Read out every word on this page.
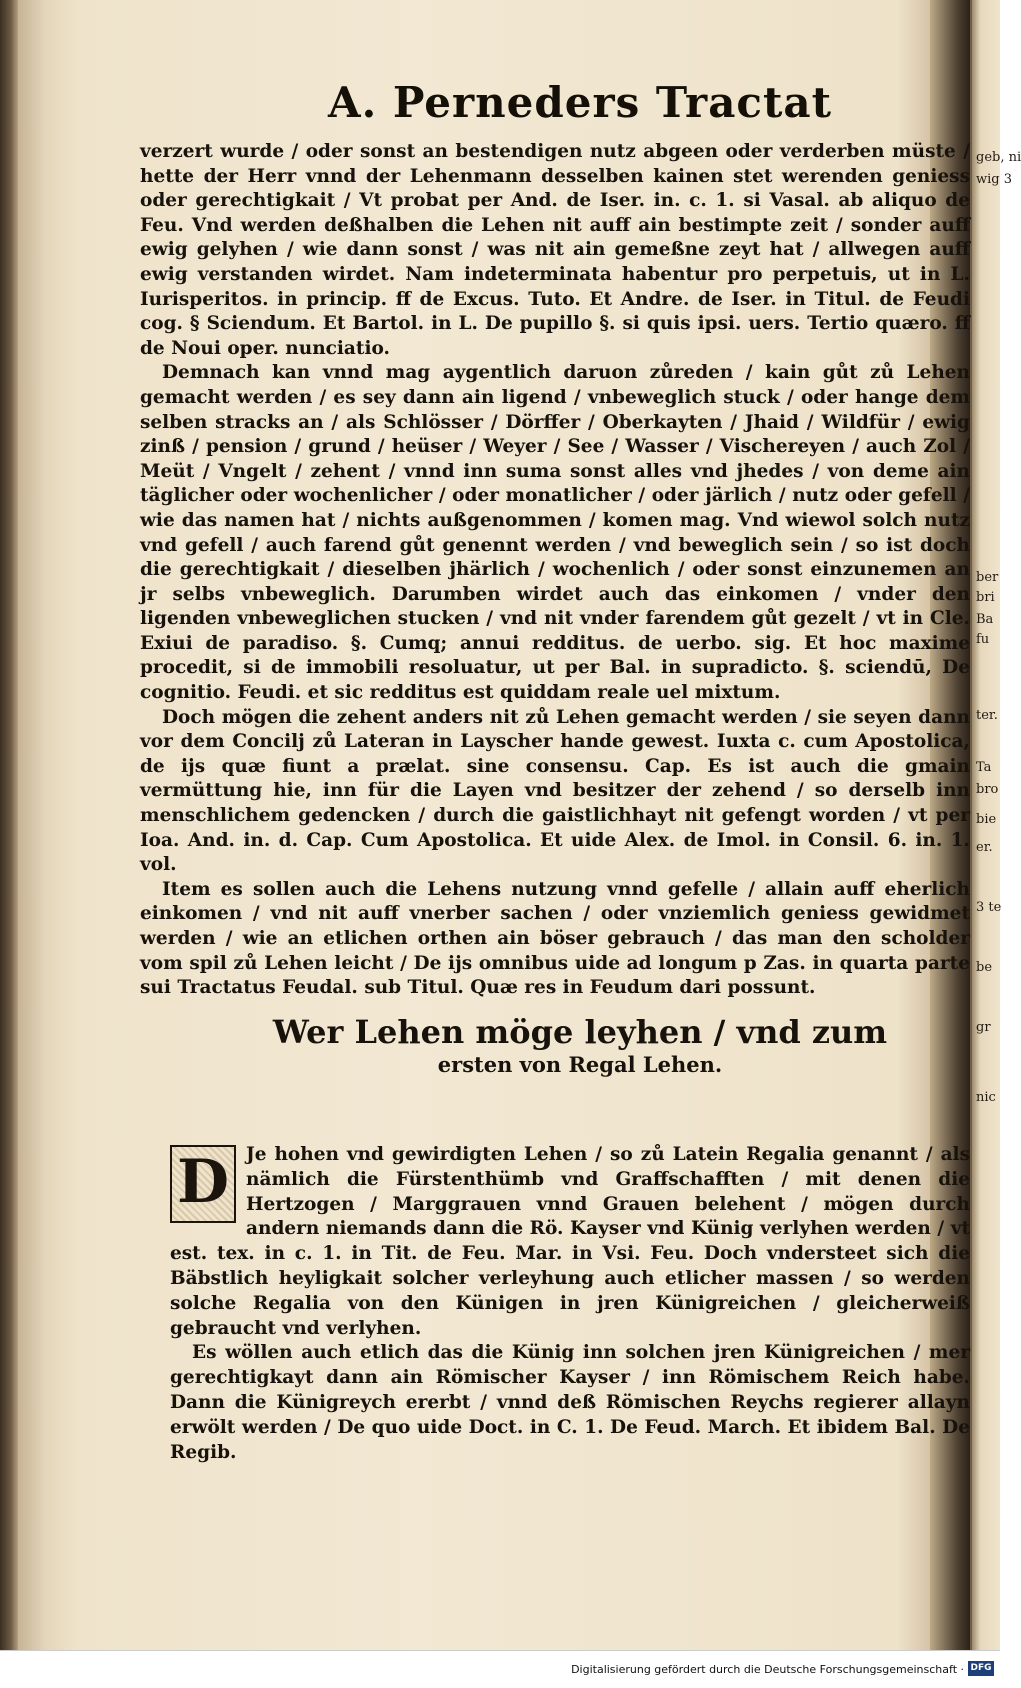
geb, ni
wig 3
ber
bri
Ba
fu
ter.
Ta
bro
bie
er.
3 te
be
gr
nic
A. Perneders Tractat

verzert wurde / oder sonst an bestendigen nutz abgeen oder verderben müste / hette der Herr vnnd der Lehenmann desselben kainen stet werenden geniess oder gerechtigkait / Vt probat per And. de Iser. in. c. 1. si Vasal. ab aliquo de Feu. Vnd werden deßhalben die Lehen nit auff ain bestimpte zeit / sonder auff ewig gelyhen / wie dann sonst / was nit ain gemeßne zeyt hat / allwegen auff ewig verstanden wirdet. Nam indeterminata habentur pro perpetuis, ut in L. Iurisperitos. in princip. ff de Excus. Tuto. Et Andre. de Iser. in Titul. de Feudi cog. § Sciendum. Et Bartol. in L. De pupillo §. si quis ipsi. uers. Tertio quæro. ff de Noui oper. nunciatio.

Demnach kan vnnd mag aygentlich daruon zůreden / kain gůt zů Lehen gemacht werden / es sey dann ain ligend / vnbeweglich stuck / oder hange dem selben stracks an / als Schlösser / Dörffer / Oberkayten / Jhaid / Wildfür / ewig zinß / pension / grund / heüser / Weyer / See / Wasser / Vischereyen / auch Zol / Meüt / Vngelt / zehent / vnnd inn suma sonst alles vnd jhedes / von deme ain täglicher oder wochenlicher / oder monatlicher / oder järlich / nutz oder gefell / wie das namen hat / nichts außgenommen / komen mag. Vnd wiewol solch nutz vnd gefell / auch farend gůt genennt werden / vnd beweglich sein / so ist doch die gerechtigkait / dieselben jhärlich / wochenlich / oder sonst einzunemen an jr selbs vnbeweglich. Darumben wirdet auch das einkomen / vnder den ligenden vnbeweglichen stucken / vnd nit vnder farendem gůt gezelt / vt in Cle. Exiui de paradiso. §. Cumq; annui redditus. de uerbo. sig. Et hoc maxime procedit, si de immobili resoluatur, ut per Bal. in supradicto. §. sciendū, De cognitio. Feudi. et sic redditus est quiddam reale uel mixtum.

Doch mögen die zehent anders nit zů Lehen gemacht werden / sie seyen dann vor dem Concilj zů Lateran in Layscher hande gewest. Iuxta c. cum Apostolica, de ijs quæ fiunt a prælat. sine consensu. Cap. Es ist auch die gmain vermüttung hie, inn für die Layen vnd besitzer der zehend / so derselb inn menschlichem gedencken / durch die gaistlichhayt nit gefengt worden / vt per Ioa. And. in. d. Cap. Cum Apostolica. Et uide Alex. de Imol. in Consil. 6. in. 1. vol.

Item es sollen auch die Lehens nutzung vnnd gefelle / allain auff eherlich einkomen / vnd nit auff vnerber sachen / oder vnziemlich geniess gewidmet werden / wie an etlichen orthen ain böser gebrauch / das man den scholder vom spil zů Lehen leicht / De ijs omnibus uide ad longum p Zas. in quarta parte sui Tractatus Feudal. sub Titul. Quæ res in Feudum dari possunt.

Wer Lehen möge leyhen / vnd zum
ersten von Regal Lehen.

D Je hohen vnd gewirdigten Lehen / so zů Latein Regalia genannt / als nämlich die Fürstenthümb vnd Graffschafften / mit denen die Hertzogen / Marggrauen vnnd Grauen belehent / mögen durch andern niemands dann die Rö. Kayser vnd Künig verlyhen werden / vt est. tex. in c. 1. in Tit. de Feu. Mar. in Vsi. Feu. Doch vndersteet sich die Bäbstlich heyligkait solcher verleyhung auch etlicher massen / so werden solche Regalia von den Künigen in jren Künigreichen / gleicherweiß gebraucht vnd verlyhen.

Es wöllen auch etlich das die Künig inn solchen jren Künigreichen / mer gerechtigkayt dann ain Römischer Kayser / inn Römischem Reich habe. Dann die Künigreych ererbt / vnnd deß Römischen Reychs regierer allayn erwölt werden / De quo uide Doct. in C. 1. De Feud. March. Et ibidem Bal. De Regib.

Digitalisierung gefördert durch die Deutsche Forschungsgemeinschaft · DFG
